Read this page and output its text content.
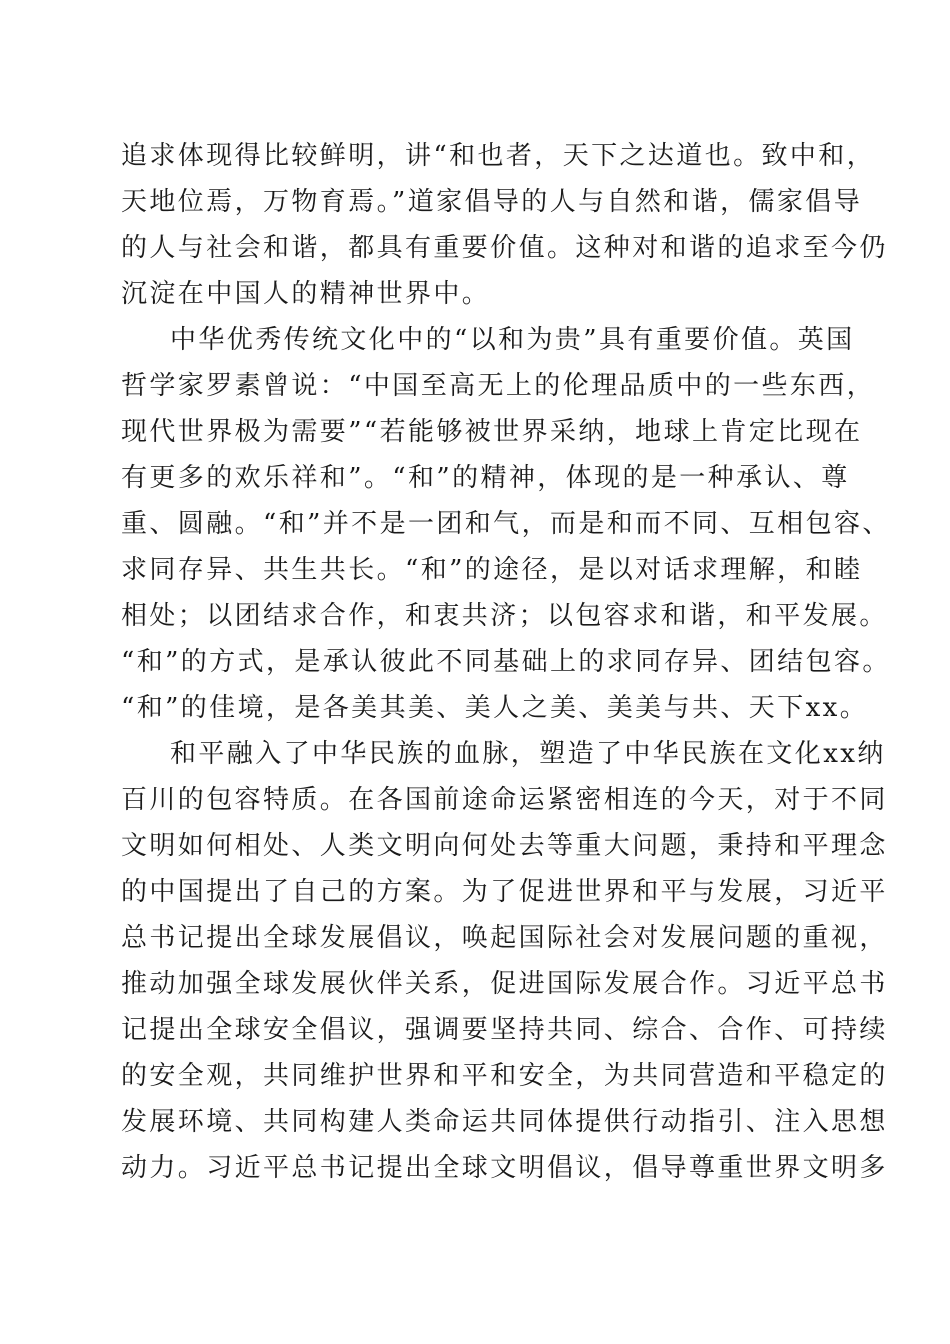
追求体现得比较鲜明，讲“和也者，天下之达道也。致中和，
天地位焉，万物育焉。”道家倡导的人与自然和谐，儒家倡导
的人与社会和谐，都具有重要价值。这种对和谐的追求至今仍
沉淀在中国人的精神世界中。
中华优秀传统文化中的“以和为贵”具有重要价值。英国
哲学家罗素曾说：“中国至高无上的伦理品质中的一些东西，
现代世界极为需要”“若能够被世界采纳，地球上肯定比现在
有更多的欢乐祥和”。“和”的精神，体现的是一种承认、尊
重、圆融。“和”并不是一团和气，而是和而不同、互相包容、
求同存异、共生共长。“和”的途径，是以对话求理解，和睦
相处；以团结求合作，和衷共济；以包容求和谐，和平发展。
“和”的方式，是承认彼此不同基础上的求同存异、团结包容。
“和”的佳境，是各美其美、美人之美、美美与共、天下xx。
和平融入了中华民族的血脉，塑造了中华民族在文化xx纳
百川的包容特质。在各国前途命运紧密相连的今天，对于不同
文明如何相处、人类文明向何处去等重大问题，秉持和平理念
的中国提出了自己的方案。为了促进世界和平与发展，习近平
总书记提出全球发展倡议，唤起国际社会对发展问题的重视，
推动加强全球发展伙伴关系，促进国际发展合作。习近平总书
记提出全球安全倡议，强调要坚持共同、综合、合作、可持续
的安全观，共同维护世界和平和安全，为共同营造和平稳定的
发展环境、共同构建人类命运共同体提供行动指引、注入思想
动力。习近平总书记提出全球文明倡议，倡导尊重世界文明多
